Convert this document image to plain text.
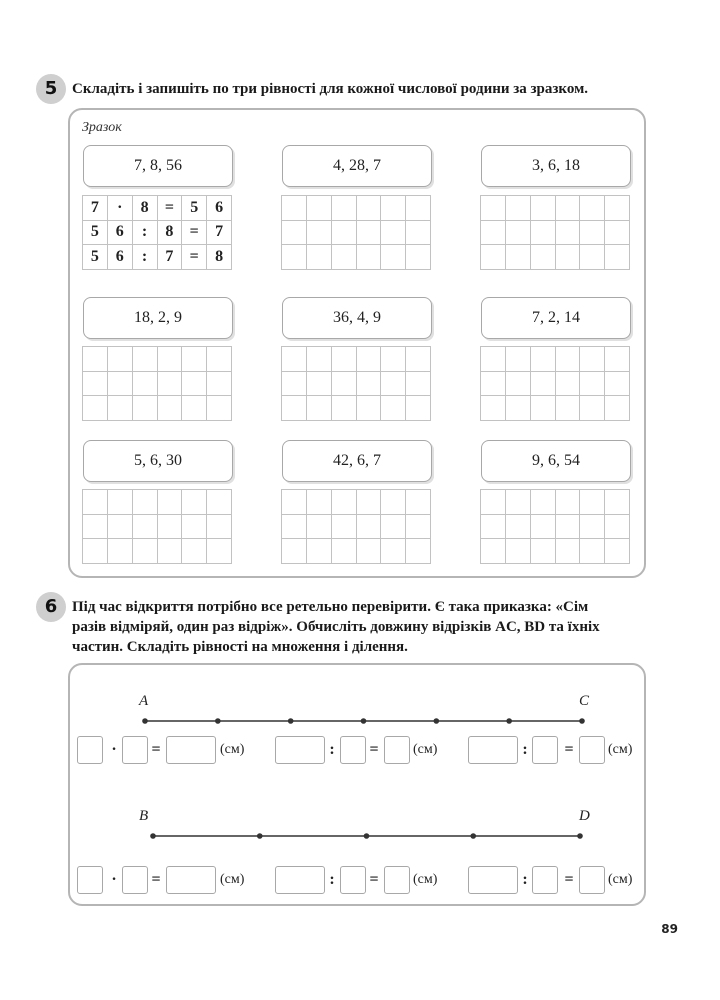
5 Складіть і запишіть по три рівності для кожної числової родини за зразком.
Зразок
7, 8, 56	4, 28, 7	3, 6, 18
7	·	8	=	5	6
5	6	:	8	=	7
5	6	:	7	=	8
18, 2, 9	36, 4, 9	7, 2, 14
5, 6, 30	42, 6, 7	9, 6, 54
6 Під час відкриття потрібно все ретельно перевірити. Є така приказка: «Сім
разів відміряй, один раз відріж». Обчисліть довжину відрізків AC, BD та їхніх
частин. Складіть рівності на множення і ділення.
A	C
B	D
· =	(см)	: = (см)	: = (см)
· =	(см)	: = (см)	: = (см)
89
